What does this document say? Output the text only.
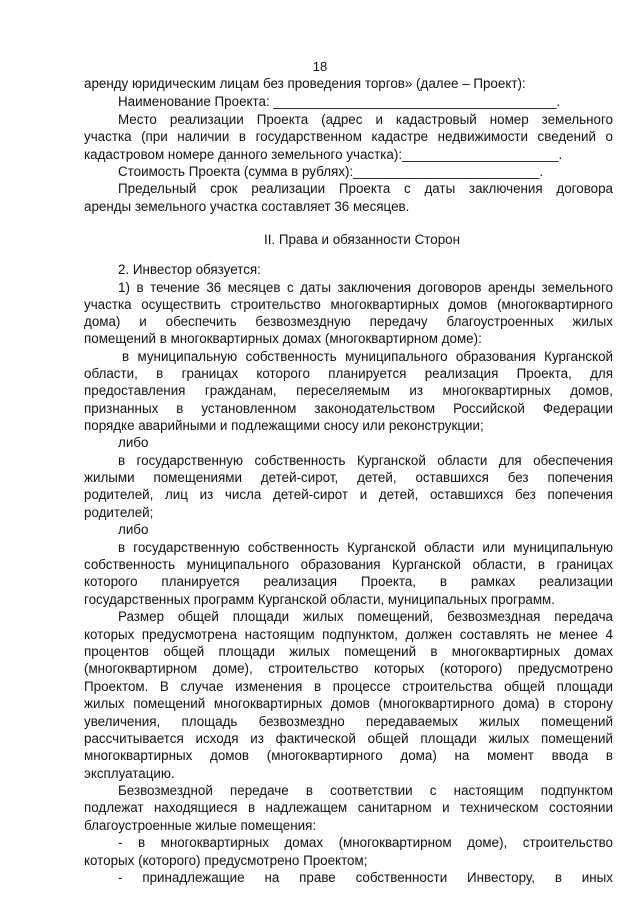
18
аренду юридическим лицам без проведения торгов» (далее – Проект):
Наименование Проекта: ______________________________________.
Место реализации Проекта (адрес и кадастровый номер земельного
участка (при наличии в государственном кадастре недвижимости сведений о
кадастровом номере данного земельного участка):_____________________.
Стоимость Проекта (сумма в рублях):_________________________.
Предельный срок реализации Проекта с даты заключения договора
аренды земельного участка составляет 36 месяцев.
II. Права и обязанности Сторон
2. Инвестор обязуется:
1) в течение 36 месяцев с даты заключения договоров аренды земельного
участка осуществить строительство многоквартирных домов (многоквартирного
дома) и обеспечить безвозмездную передачу благоустроенных жилых
помещений в многоквартирных домах (многоквартирном доме):
в муниципальную собственность муниципального образования Курганской
области, в границах которого планируется реализация Проекта, для
предоставления гражданам, переселяемым из многоквартирных домов,
признанных в установленном законодательством Российской Федерации
порядке аварийными и подлежащими сносу или реконструкции;
либо
в государственную собственность Курганской области для обеспечения
жилыми помещениями детей-сирот, детей, оставшихся без попечения
родителей, лиц из числа детей-сирот и детей, оставшихся без попечения
родителей;
либо
в государственную собственность Курганской области или муниципальную
собственность муниципального образования Курганской области, в границах
которого планируется реализация Проекта, в рамках реализации
государственных программ Курганской области, муниципальных программ.
Размер общей площади жилых помещений, безвозмездная передача
которых предусмотрена настоящим подпунктом, должен составлять не менее 4
процентов общей площади жилых помещений в многоквартирных домах
(многоквартирном доме), строительство которых (которого) предусмотрено
Проектом. В случае изменения в процессе строительства общей площади
жилых помещений многоквартирных домов (многоквартирного дома) в сторону
увеличения, площадь безвозмездно передаваемых жилых помещений
рассчитывается исходя из фактической общей площади жилых помещений
многоквартирных домов (многоквартирного дома) на момент ввода в
эксплуатацию.
Безвозмездной передаче в соответствии с настоящим подпунктом
подлежат находящиеся в надлежащем санитарном и техническом состоянии
благоустроенные жилые помещения:
- в многоквартирных домах (многоквартирном доме), строительство
которых (которого) предусмотрено Проектом;
- принадлежащие на праве собственности Инвестору, в иных
